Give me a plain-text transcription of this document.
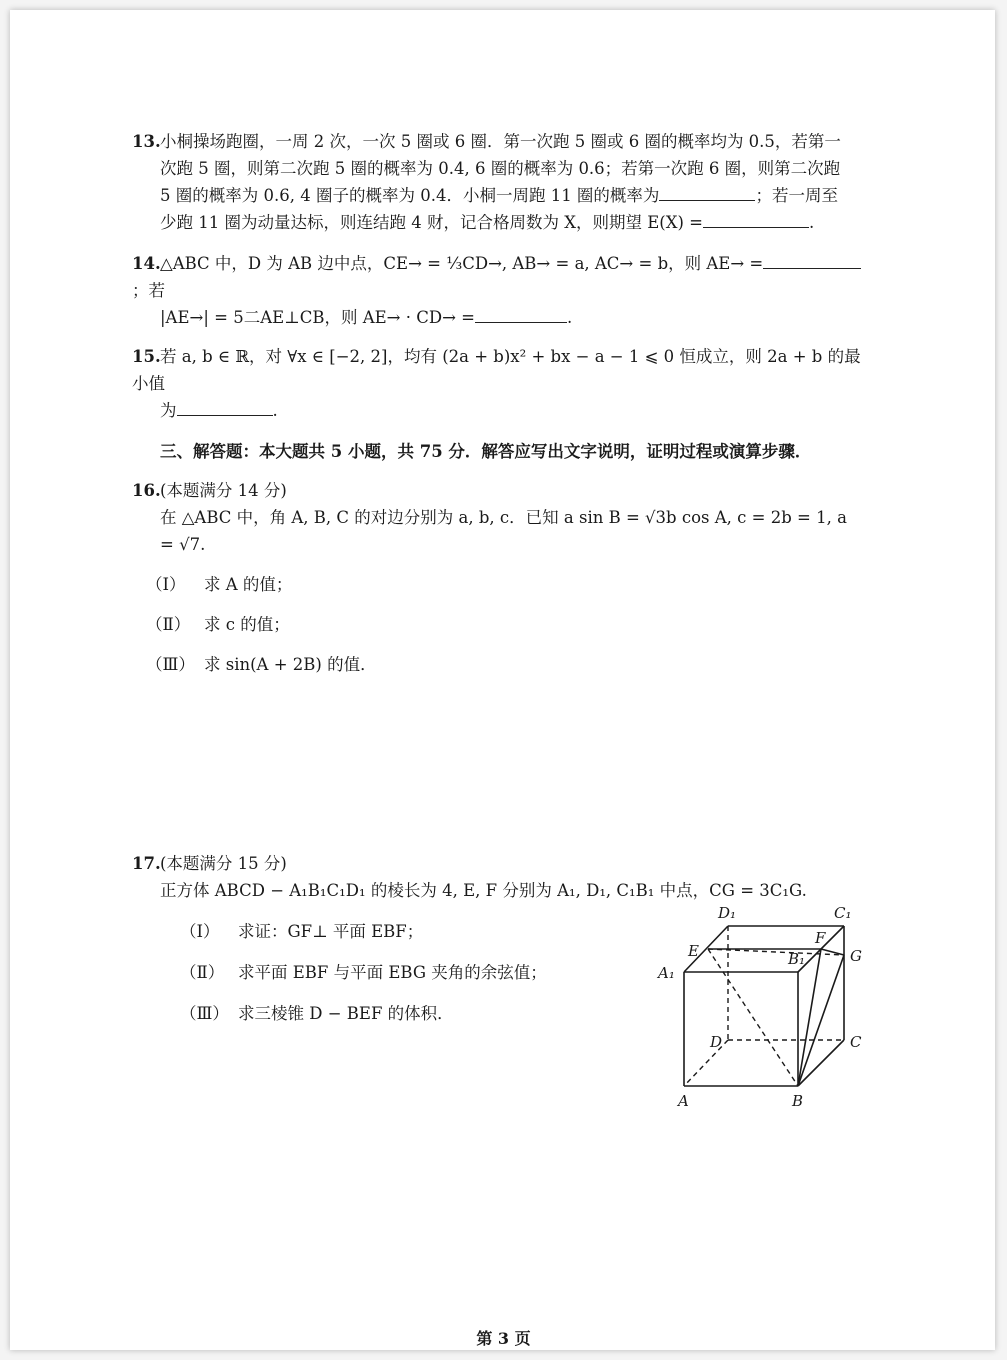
13.小桐操场跑圈，一周 2 次，一次 5 圈或 6 圈．第一次跑 5 圈或 6 圈的概率均为 0.5，若第一

次跑 5 圈，则第二次跑 5 圈的概率为 0.4, 6 圈的概率为 0.6；若第一次跑 6 圈，则第二次跑
5 圈的概率为 0.6, 4 圈子的概率为 0.4．小桐一周跑 11 圈的概率为	；若一周至
少跑 11 圈为动量达标，则连结跑 4 财，记合格周数为 X，则期望 E(X) =	.
14.△ABC 中，D 为 AB 边中点，CE→ = ⅓CD→, AB→ = a, AC→ = b，则 AE→ =；若

|AE→| = 5二AE⊥CB，则 AE→ · CD→ =	.
15.若 a, b ∈ ℝ，对 ∀x ∈ [−2, 2]，均有 (2a + b)x² + bx − a − 1 ⩽ 0 恒成立，则 2a + b 的最小值

为	.
三、解答题：本大题共 5 小题，共 75 分．解答应写出文字说明，证明过程或演算步骤．
16.(本题满分 14 分)

在 △ABC 中，角 A, B, C 的对边分别为 a, b, c．已知 a sin B = √3b cos A, c = 2b = 1, a = √7.
（Ⅰ） 求 A 的值；
（Ⅱ） 求 c 的值；
（Ⅲ） 求 sin(A + 2B) 的值．
17.(本题满分 15 分)

正方体 ABCD − A₁B₁C₁D₁ 的棱长为 4, E, F 分别为 A₁, D₁, C₁B₁ 中点，CG = 3C₁G.
（Ⅰ） 求证：GF⊥ 平面 EBF；
（Ⅱ） 求平面 EBF 与平面 EBG 夹角的余弦值；
（Ⅲ） 求三棱锥 D − BEF 的体积．
D₁	C₁
E
F
B₁	G
A₁
D	C
A	B
第 3 页
